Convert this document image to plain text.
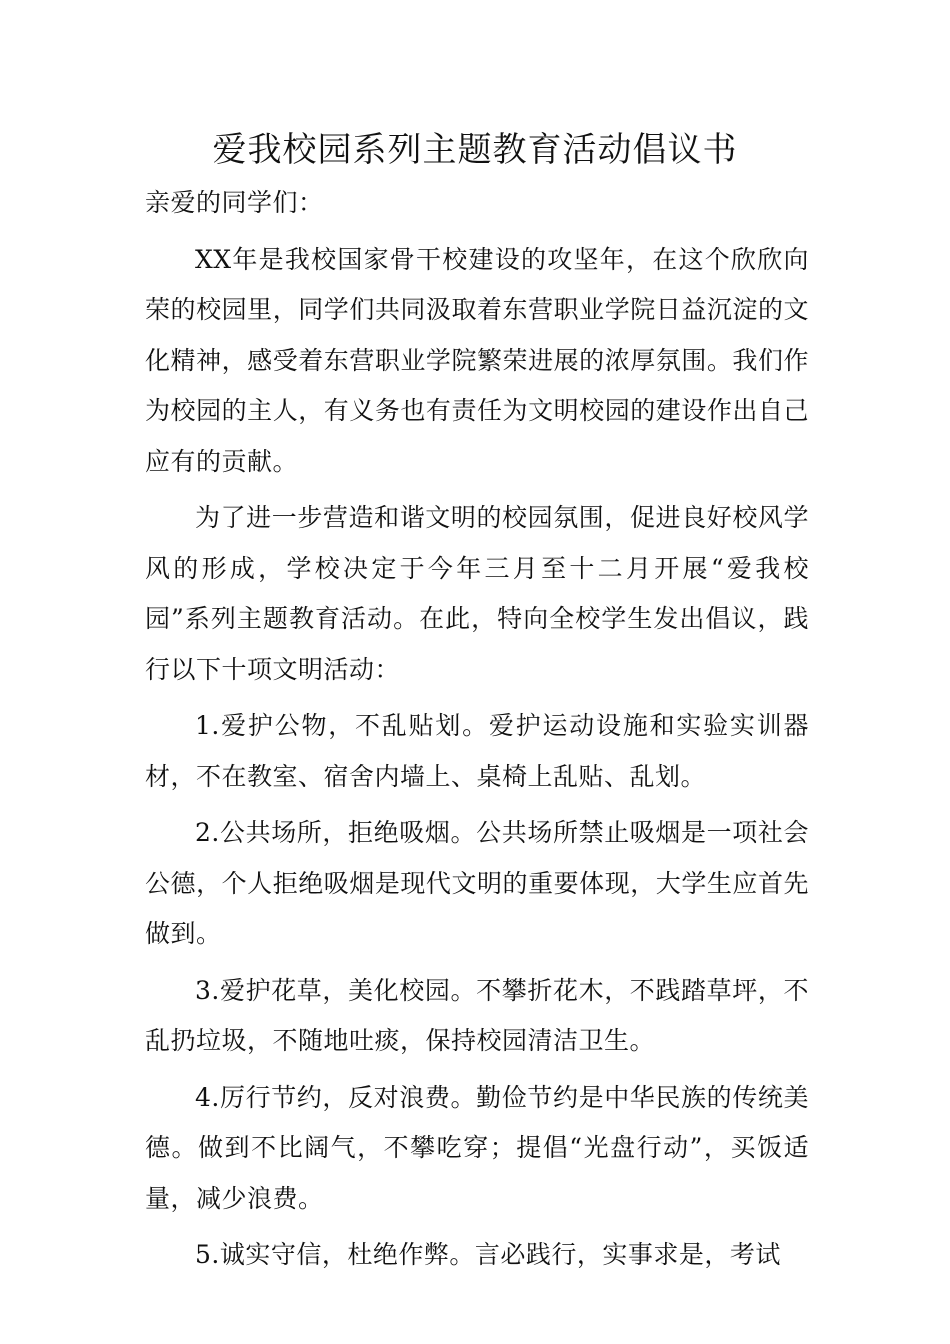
爱我校园系列主题教育活动倡议书

亲爱的同学们：

XX年是我校国家骨干校建设的攻坚年，在这个欣欣向荣的校园里，同学们共同汲取着东营职业学院日益沉淀的文化精神，感受着东营职业学院繁荣进展的浓厚氛围。我们作为校园的主人，有义务也有责任为文明校园的建设作出自己应有的贡献。

为了进一步营造和谐文明的校园氛围，促进良好校风学风的形成，学校决定于今年三月至十二月开展“爱我校园”系列主题教育活动。在此，特向全校学生发出倡议，践行以下十项文明活动：

1.爱护公物，不乱贴划。爱护运动设施和实验实训器材，不在教室、宿舍内墙上、桌椅上乱贴、乱划。

2.公共场所，拒绝吸烟。公共场所禁止吸烟是一项社会公德，个人拒绝吸烟是现代文明的重要体现，大学生应首先做到。

3.爱护花草，美化校园。不攀折花木，不践踏草坪，不乱扔垃圾，不随地吐痰，保持校园清洁卫生。

4.厉行节约，反对浪费。勤俭节约是中华民族的传统美德。做到不比阔气，不攀吃穿；提倡“光盘行动”，买饭适量，减少浪费。

5.诚实守信，杜绝作弊。言必践行，实事求是，考试
